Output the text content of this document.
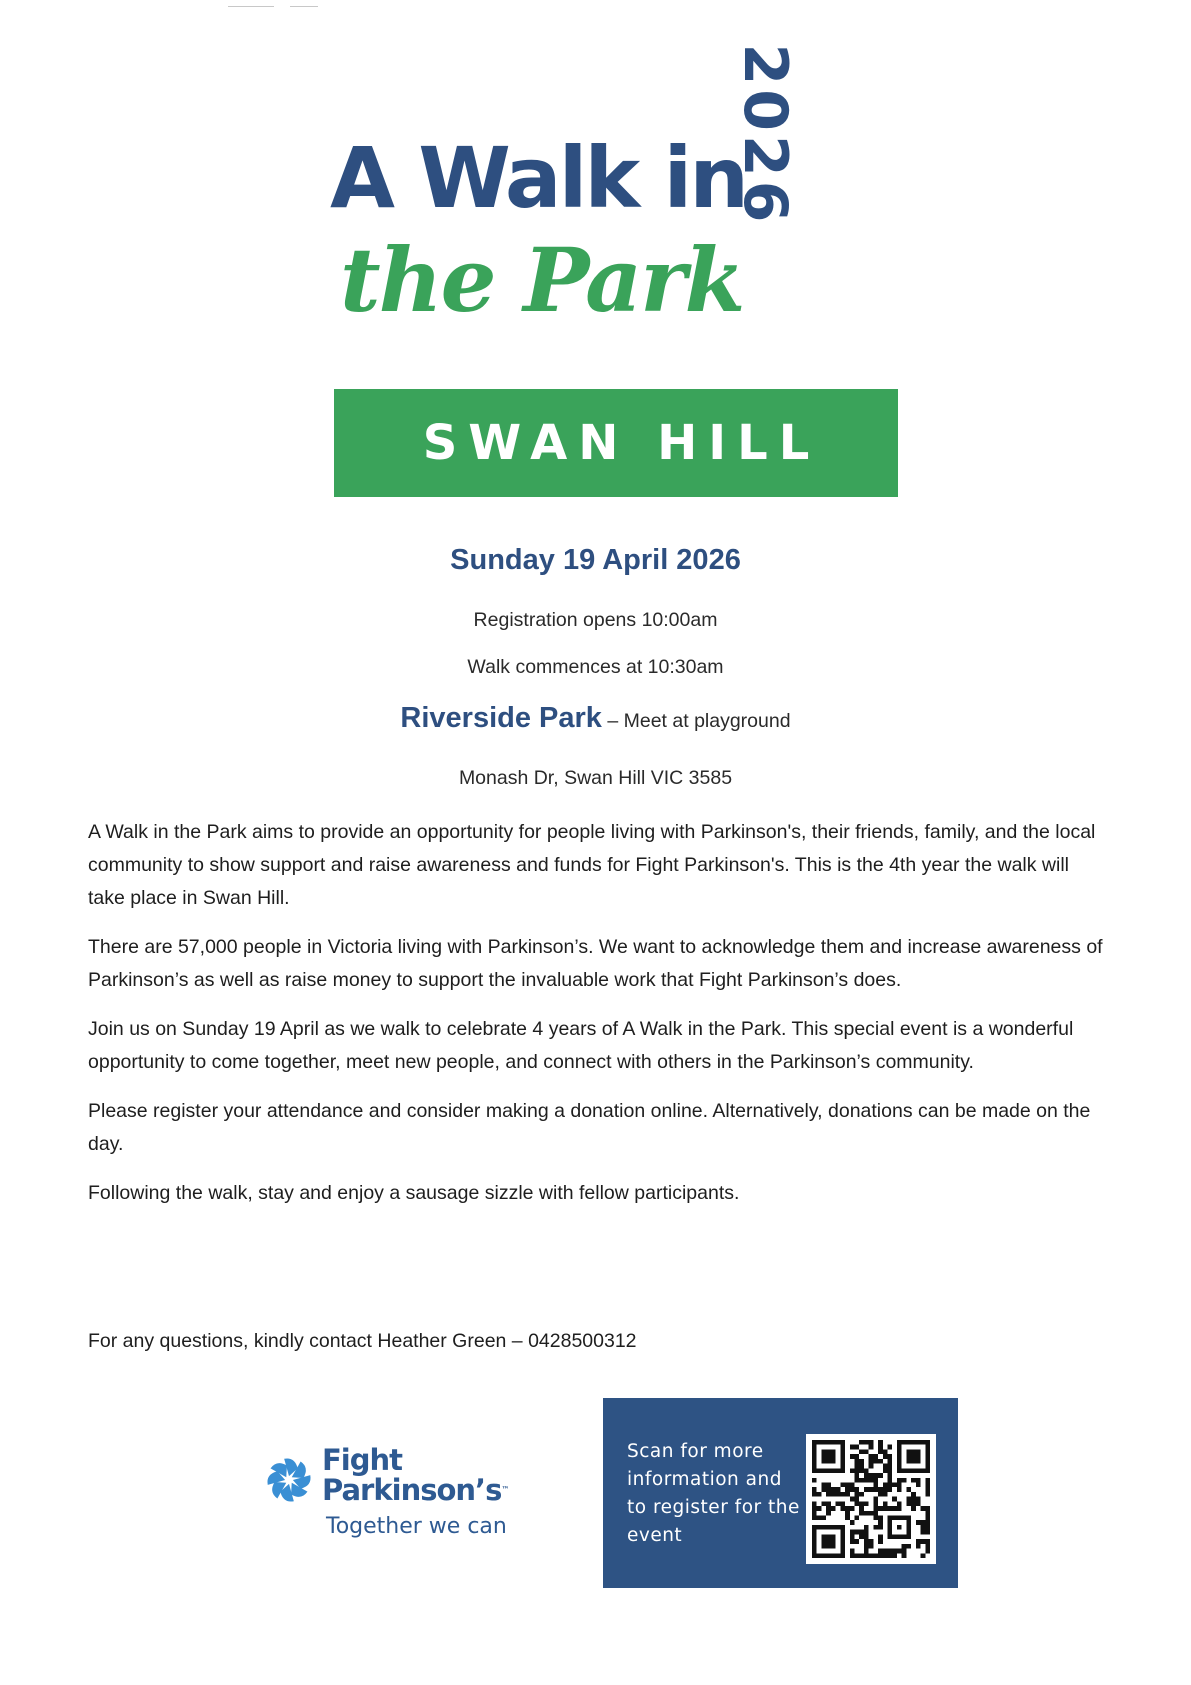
A Walk in
the Park
2026
SWAN HILL
Sunday 19 April 2026
Registration opens 10:00am
Walk commences at 10:30am
Riverside Park – Meet at playground
Monash Dr, Swan Hill VIC 3585

A Walk in the Park aims to provide an opportunity for people living with Parkinson's, their friends, family, and the local community to show support and raise awareness and funds for Fight Parkinson's. This is the 4th year the walk will take place in Swan Hill.

There are 57,000 people in Victoria living with Parkinson’s. We want to acknowledge them and increase awareness of Parkinson’s as well as raise money to support the invaluable work that Fight Parkinson’s does.

Join us on Sunday 19 April as we walk to celebrate 4 years of A Walk in the Park. This special event is a wonderful opportunity to come together, meet new people, and connect with others in the Parkinson’s community.

Please register your attendance and consider making a donation online. Alternatively, donations can be made on the day.

Following the walk, stay and enjoy a sausage sizzle with fellow participants.

For any questions, kindly contact Heather Green – 0428500312
Fight
Parkinson’s™
Together we can
Scan for more information and to register for the event
